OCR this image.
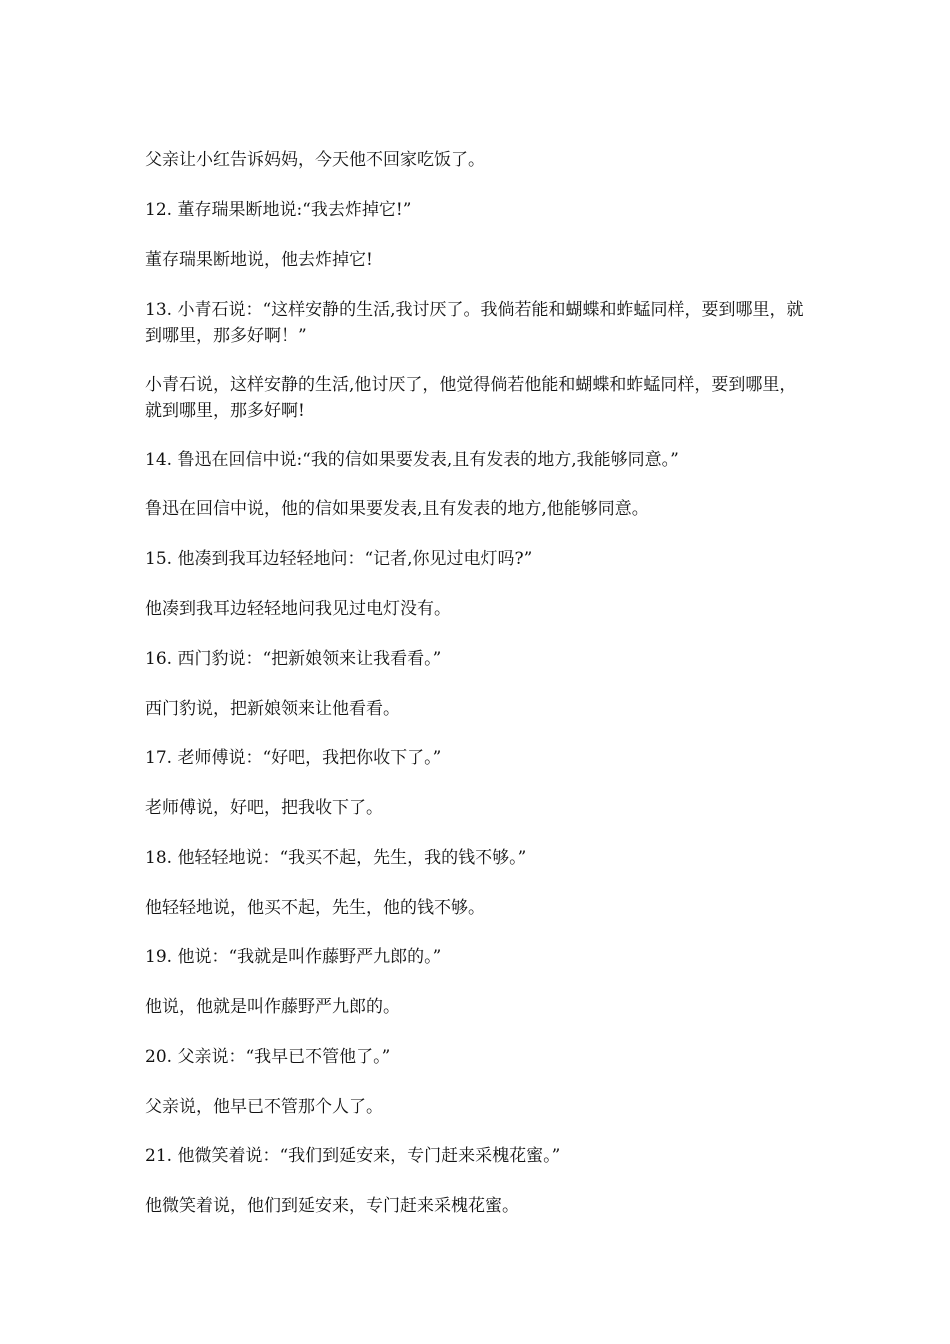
父亲让小红告诉妈妈，今天他不回家吃饭了。

12. 董存瑞果断地说:“我去炸掉它!”

董存瑞果断地说，他去炸掉它!

13. 小青石说：“这样安静的生活,我讨厌了。我倘若能和蝴蝶和蚱蜢同样，要到哪里，就到哪里，那多好啊！”

小青石说，这样安静的生活,他讨厌了，他觉得倘若他能和蝴蝶和蚱蜢同样，要到哪里，就到哪里，那多好啊!

14. 鲁迅在回信中说:“我的信如果要发表,且有发表的地方,我能够同意。”

鲁迅在回信中说，他的信如果要发表,且有发表的地方,他能够同意。

15. 他凑到我耳边轻轻地问：“记者,你见过电灯吗?”

他凑到我耳边轻轻地问我见过电灯没有。

16. 西门豹说：“把新娘领来让我看看。”

西门豹说，把新娘领来让他看看。

17. 老师傅说：“好吧，我把你收下了。”

老师傅说，好吧，把我收下了。

18. 他轻轻地说：“我买不起，先生，我的钱不够。”

他轻轻地说，他买不起，先生，他的钱不够。

19. 他说：“我就是叫作藤野严九郎的。”

他说，他就是叫作藤野严九郎的。

20. 父亲说：“我早已不管他了。”

父亲说，他早已不管那个人了。

21. 他微笑着说：“我们到延安来，专门赶来采槐花蜜。”

他微笑着说，他们到延安来，专门赶来采槐花蜜。
